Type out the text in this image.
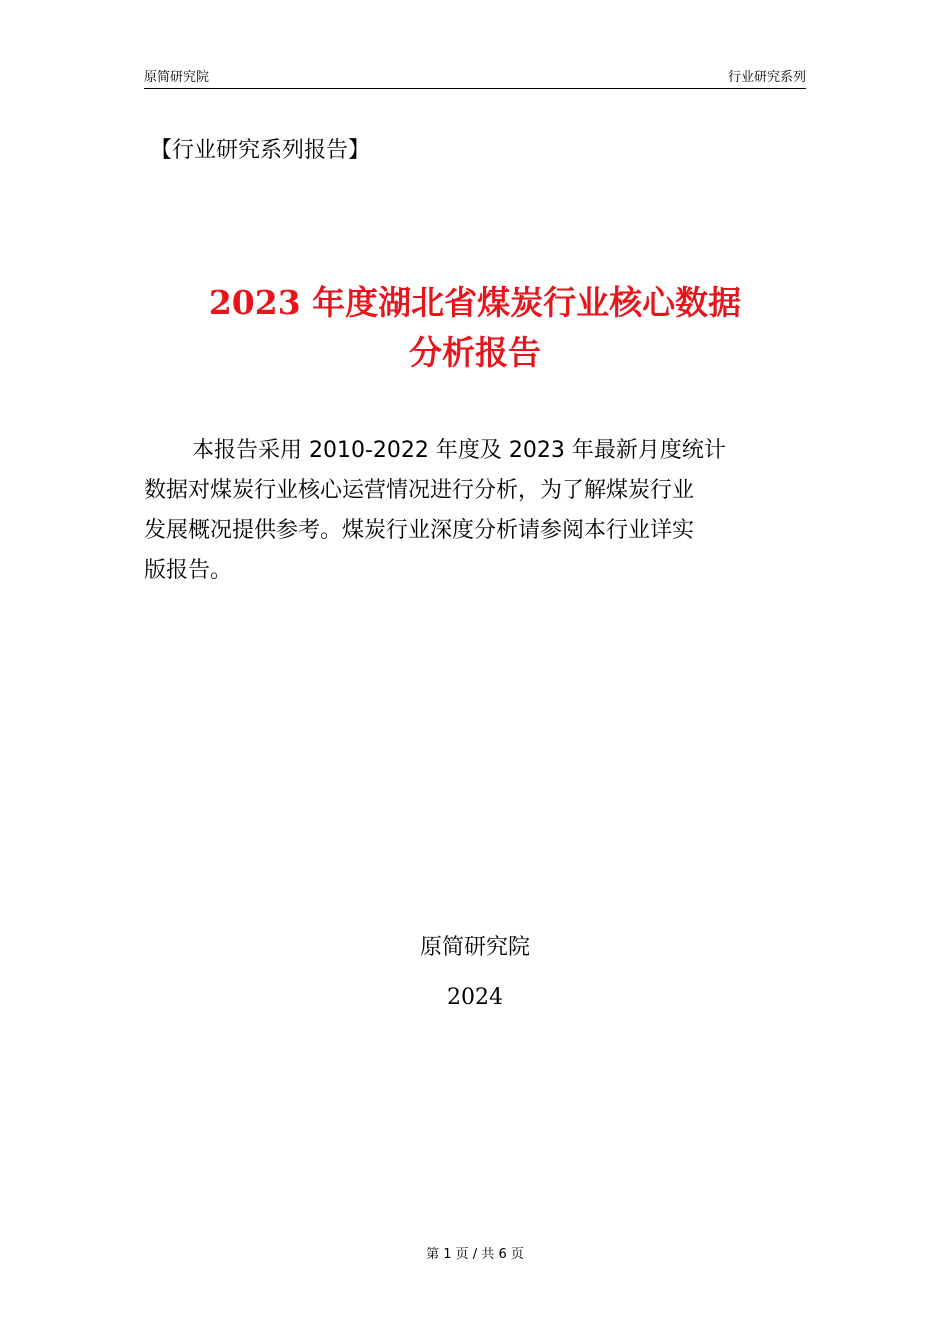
原简研究院	行业研究系列
【行业研究系列报告】
2023 年度湖北省煤炭行业核心数据
分析报告
本报告采用 2010-2022 年度及 2023 年最新月度统计
数据对煤炭行业核心运营情况进行分析，为了解煤炭行业
发展概况提供参考。煤炭行业深度分析请参阅本行业详实
版报告。
原简研究院
2024
第 1 页 / 共 6 页
